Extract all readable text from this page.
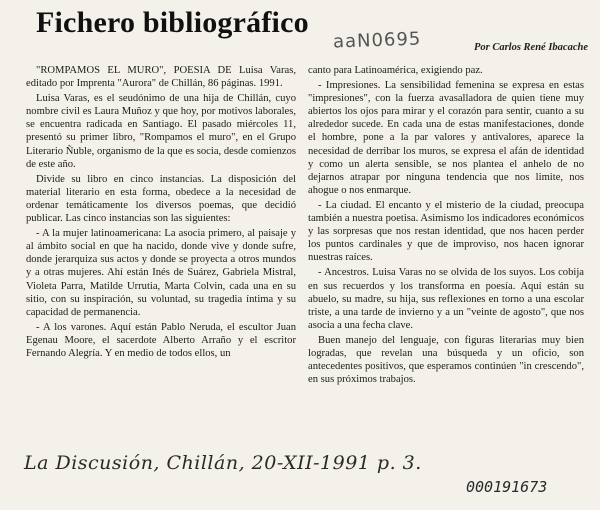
Fichero bibliográfico
aaN0695	Por Carlos René Ibacache

"ROMPAMOS EL MURO", POESIA DE Luisa Varas, editado por Imprenta "Aurora" de Chillán, 86 páginas. 1991.

Luisa Varas, es el seudónimo de una hija de Chillán, cuyo nombre civil es Laura Muñoz y que hoy, por motivos laborales, se encuentra radicada en Santiago. El pasado miércoles 11, presentó su primer libro, "Rompamos el muro", en el Grupo Literario Ñuble, organismo de la que es socia, desde comienzos de este año.

Divide su libro en cinco instancias. La disposición del material literario en esta forma, obedece a la necesidad de ordenar temáticamente los diversos poemas, que decidió publicar. Las cinco instancias son las siguientes:

- A la mujer latinoamericana: La asocia primero, al paisaje y al ámbito social en que ha nacido, donde vive y donde sufre, donde jerarquiza sus actos y donde se proyecta a otros mundos y a otras mujeres. Ahí están Inés de Suárez, Gabriela Mistral, Violeta Parra, Matilde Urrutia, Marta Colvin, cada una en su sitio, con su inspiración, su voluntad, su tragedia íntima y su capacidad de permanencia.

- A los varones. Aquí están Pablo Neruda, el escultor Juan Egenau Moore, el sacerdote Alberto Arraño y el escritor Fernando Alegría. Y en medio de todos ellos, un

canto para Latinoamérica, exigiendo paz.

- Impresiones. La sensibilidad femenina se expresa en estas "impresiones", con la fuerza avasalladora de quien tiene muy abiertos los ojos para mirar y el corazón para sentir, cuanto a su alrededor sucede. En cada una de estas manifestaciones, donde el hombre, pone a la par valores y antivalores, aparece la necesidad de derribar los muros, se expresa el afán de identidad y como un alerta sensible, se nos plantea el anhelo de no dejarnos atrapar por ninguna tendencia que nos limite, nos ahogue o nos enmarque.

- La ciudad. El encanto y el misterio de la ciudad, preocupa también a nuestra poetisa. Asimismo los indicadores económicos y las sorpresas que nos restan identidad, que nos hacen perder los puntos cardinales y que de improviso, nos hacen ignorar nuestras raíces.

- Ancestros. Luisa Varas no se olvida de los suyos. Los cobija en sus recuerdos y los transforma en poesía. Aquí están su abuelo, su madre, su hija, sus reflexiones en torno a una escolar triste, a una tarde de invierno y a un "veinte de agosto", que nos asocia a una fecha clave.

Buen manejo del lenguaje, con figuras literarias muy bien logradas, que revelan una búsqueda y un oficio, son antecedentes positivos, que esperamos continúen "in crescendo", en sus próximos trabajos.

La Discusión, Chillán, 20-XII-1991 p. 3.
000191673
